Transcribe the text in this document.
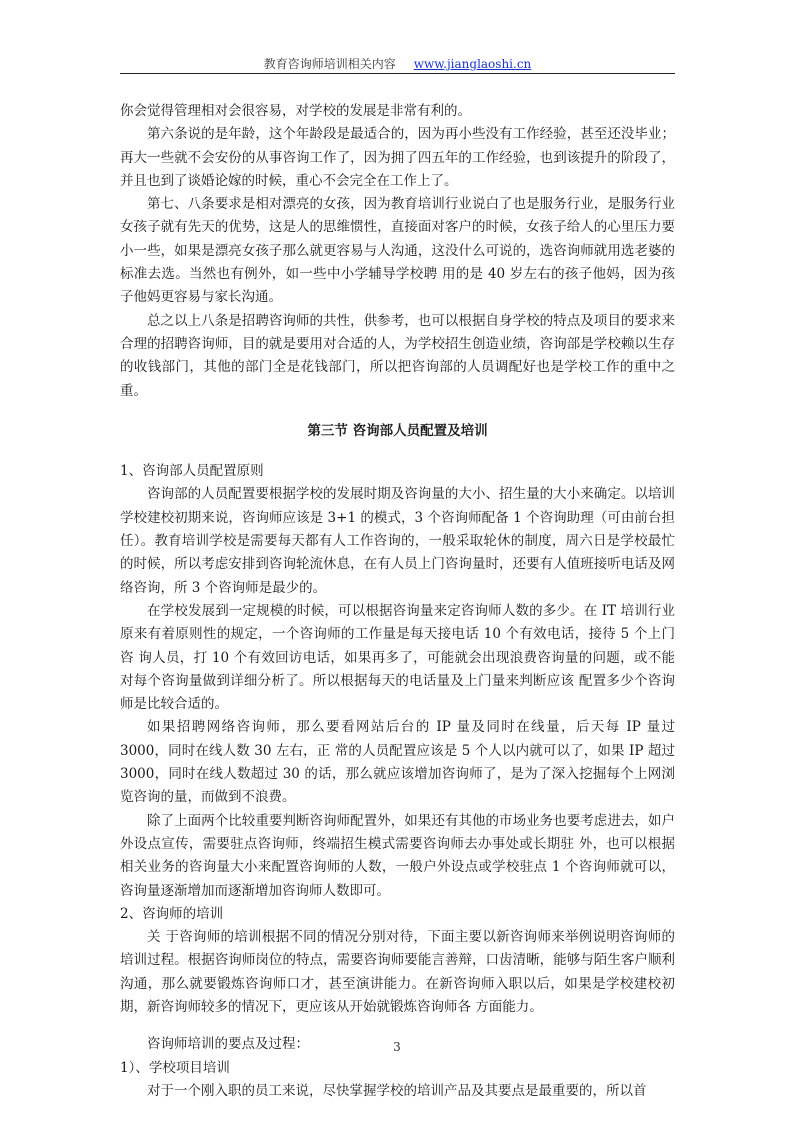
教育咨询师培训相关内容 www.jianglaoshi.cn

你会觉得管理相对会很容易，对学校的发展是非常有利的。

第六条说的是年龄，这个年龄段是最适合的，因为再小些没有工作经验，甚至还没毕业；再大一些就不会安份的从事咨询工作了，因为拥了四五年的工作经验，也到该提升的阶段了，并且也到了谈婚论嫁的时候，重心不会完全在工作上了。

第七、八条要求是相对漂亮的女孩，因为教育培训行业说白了也是服务行业，是服务行业女孩子就有先天的优势，这是人的思维惯性，直接面对客户的时候，女孩子给人的心里压力要小一些，如果是漂亮女孩子那么就更容易与人沟通，这没什么可说的，选咨询师就用选老婆的标准去选。当然也有例外，如一些中小学辅导学校聘 用的是 40 岁左右的孩子他妈，因为孩子他妈更容易与家长沟通。

总之以上八条是招聘咨询师的共性，供参考，也可以根据自身学校的特点及项目的要求来合理的招聘咨询师，目的就是要用对合适的人，为学校招生创造业绩，咨询部是学校赖以生存的收钱部门，其他的部门全是花钱部门，所以把咨询部的人员调配好也是学校工作的重中之重。

第三节 咨询部人员配置及培训

1、咨询部人员配置原则

咨询部的人员配置要根据学校的发展时期及咨询量的大小、招生量的大小来确定。以培训学校建校初期来说，咨询师应该是 3+1 的模式，3 个咨询师配备 1 个咨询助理（可由前台担任）。教育培训学校是需要每天都有人工作咨询的，一般采取轮休的制度，周六日是学校最忙的时候，所以考虑安排到咨询轮流休息，在有人员上门咨询量时，还要有人值班接听电话及网络咨询，所 3 个咨询师是最少的。

在学校发展到一定规模的时候，可以根据咨询量来定咨询师人数的多少。在 IT 培训行业原来有着原则性的规定，一个咨询师的工作量是每天接电话 10 个有效电话，接待 5 个上门咨 询人员，打 10 个有效回访电话，如果再多了，可能就会出现浪费咨询量的问题，或不能对每个咨询量做到详细分析了。所以根据每天的电话量及上门量来判断应该 配置多少个咨询师是比较合适的。

如果招聘网络咨询师，那么要看网站后台的 IP 量及同时在线量，后天每 IP 量过 3000，同时在线人数 30 左右，正 常的人员配置应该是 5 个人以内就可以了，如果 IP 超过 3000，同时在线人数超过 30 的话，那么就应该增加咨询师了，是为了深入挖掘每个上网浏览咨询的量，而做到不浪费。

除了上面两个比较重要判断咨询师配置外，如果还有其他的市场业务也要考虑进去，如户外设点宣传，需要驻点咨询师，终端招生模式需要咨询师去办事处或长期驻 外，也可以根据相关业务的咨询量大小来配置咨询师的人数，一般户外设点或学校驻点 1 个咨询师就可以，咨询量逐渐增加而逐渐增加咨询师人数即可。

2、咨询师的培训

关 于咨询师的培训根据不同的情况分别对待，下面主要以新咨询师来举例说明咨询师的培训过程。根据咨询师岗位的特点，需要咨询师要能言善辩，口齿清晰，能够与陌生客户顺利沟通，那么就要锻炼咨询师口才，甚至演讲能力。在新咨询师入职以后，如果是学校建校初期，新咨询师较多的情况下，更应该从开始就锻炼咨询师各 方面能力。

咨询师培训的要点及过程：

1）、学校项目培训

对于一个刚入职的员工来说，尽快掌握学校的培训产品及其要点是最重要的，所以首

3
